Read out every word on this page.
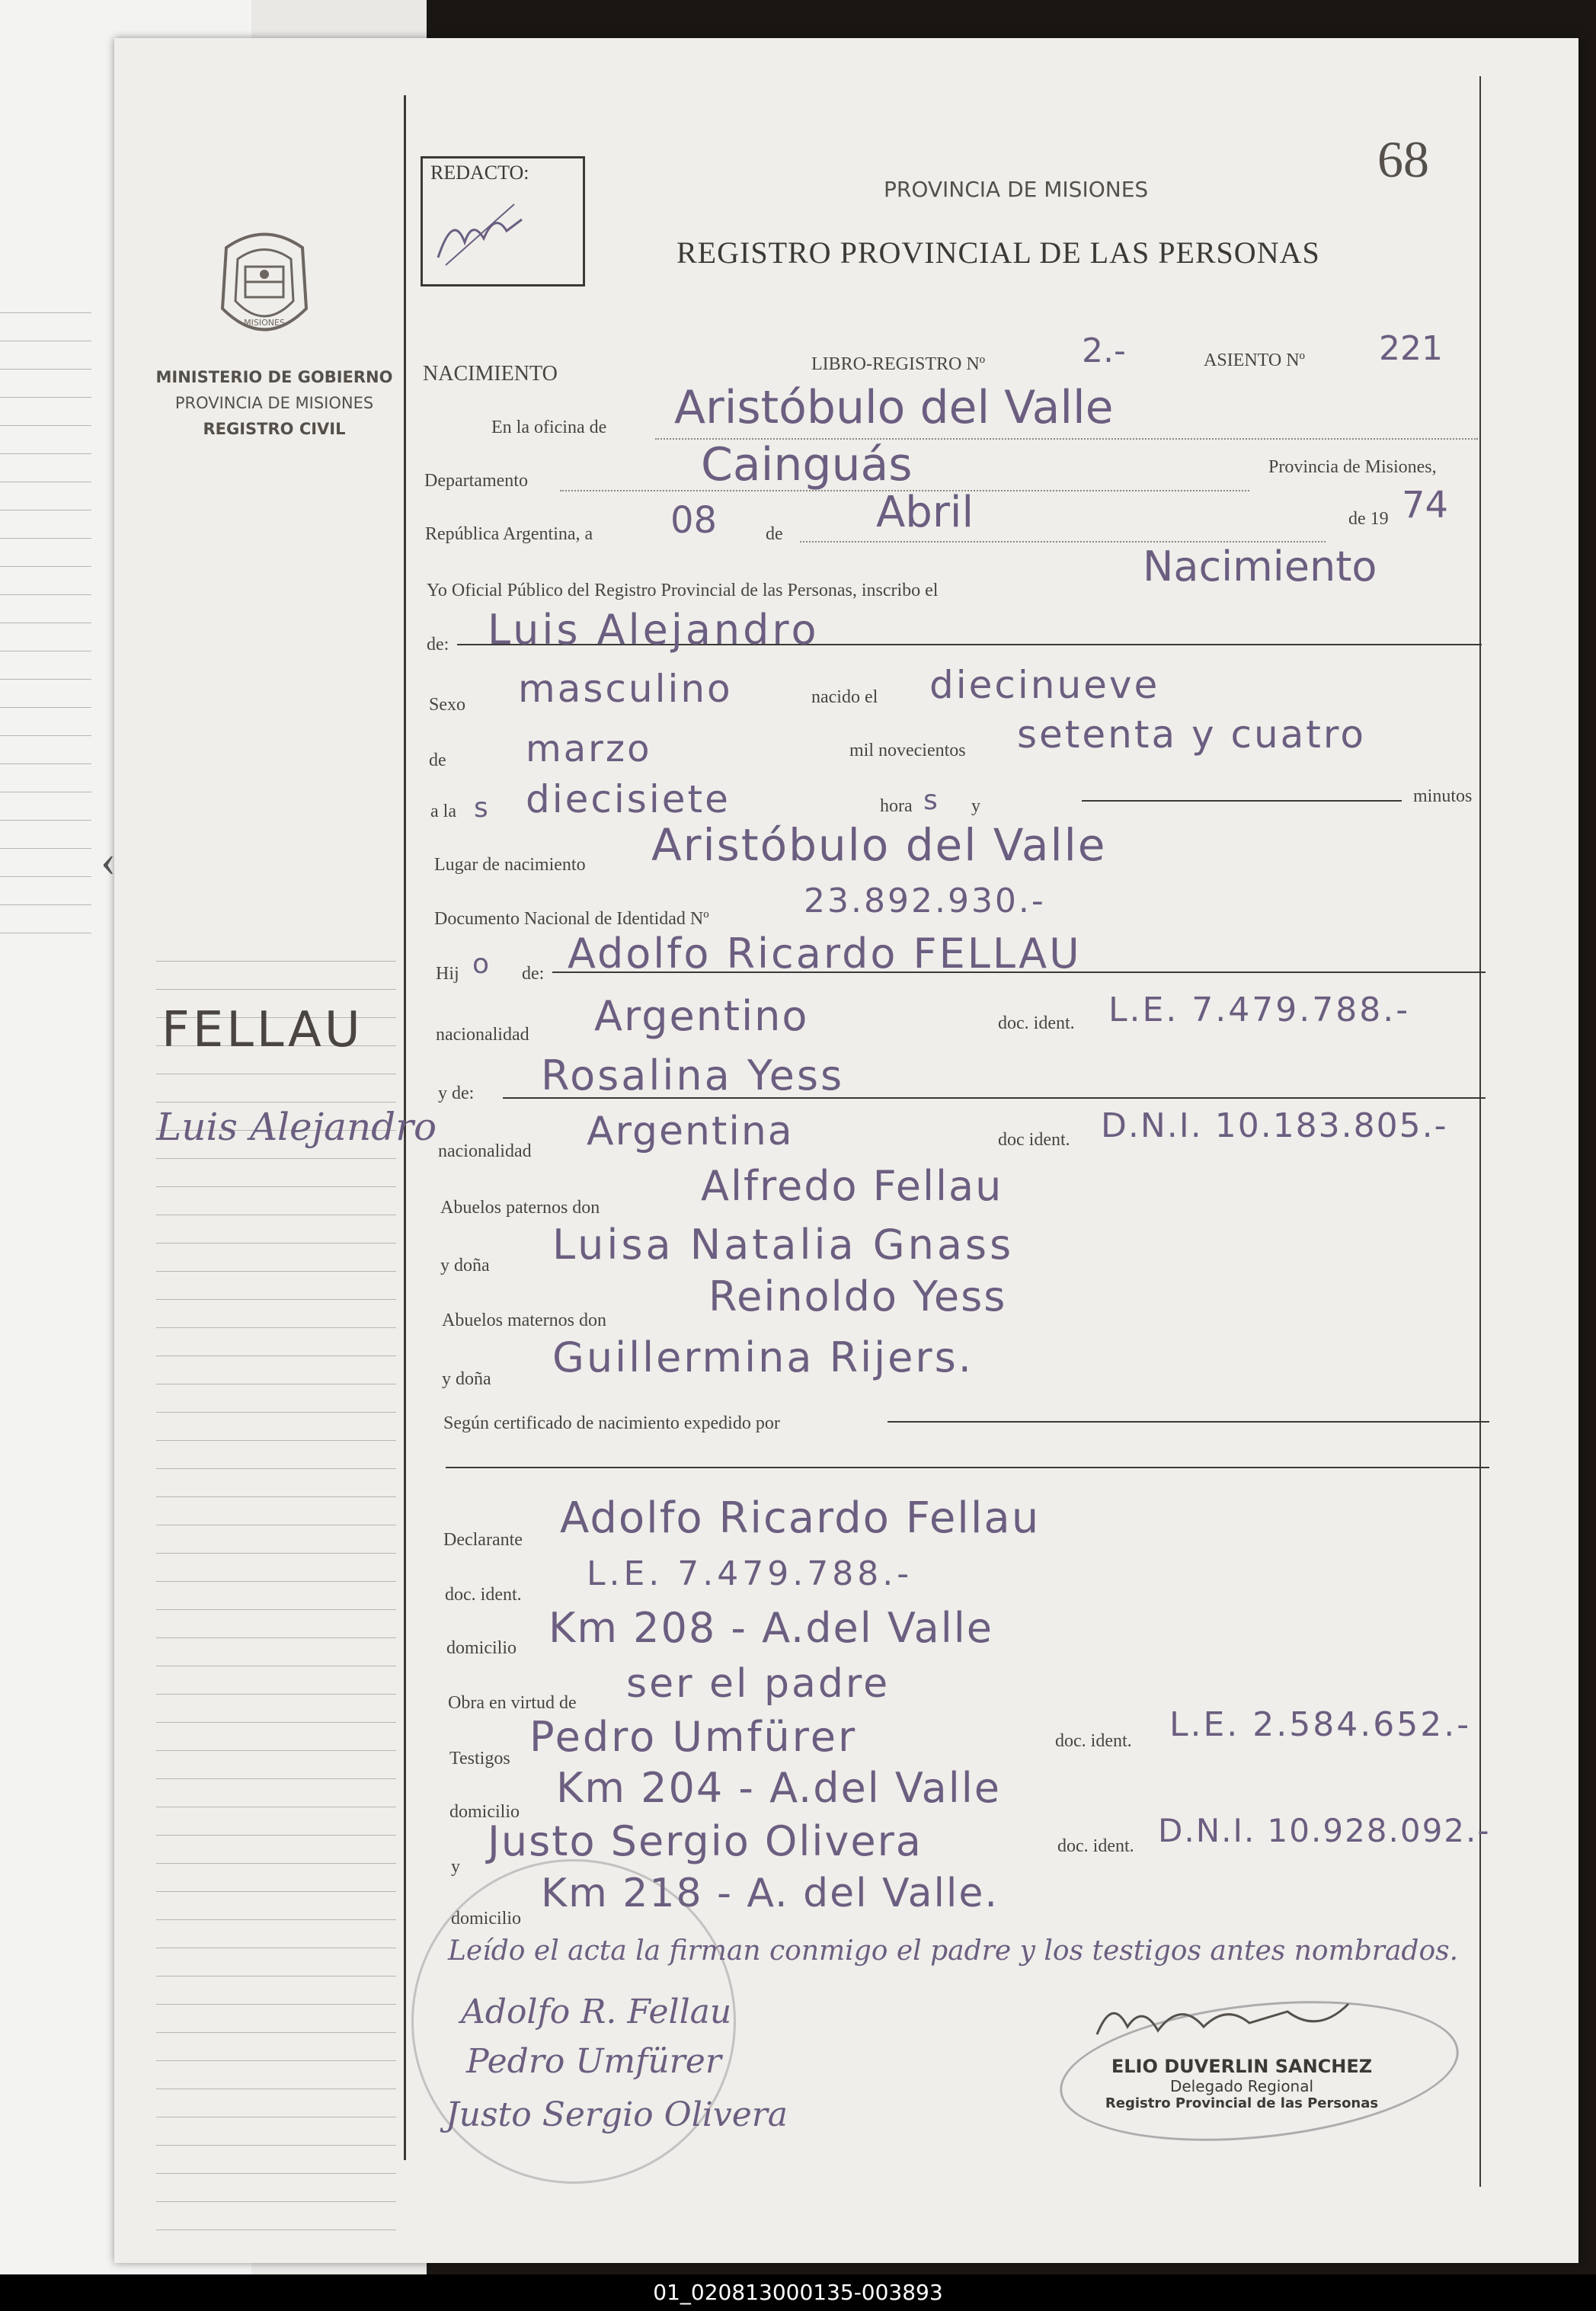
MISIONES
MINISTERIO DE GOBIERNO
PROVINCIA DE MISIONES
REGISTRO CIVIL
‹
FELLAU
Luis Alejandro
REDACTO:	68
PROVINCIA DE MISIONES
REGISTRO PROVINCIAL DE LAS PERSONAS
NACIMIENTO	LIBRO-REGISTRO Nº	2.-	ASIENTO Nº 221
En la oficina de Aristóbulo del Valle
Departamento	Cainguás	Provincia de Misiones,
República Argentina, a 08	de Abril	de 19 74
Yo Oficial Público del Registro Provincial de las Personas, inscribo el	Nacimiento
de: Luis Alejandro
Sexo masculino	nacido el diecinueve
de marzo	mil novecientos setenta y cuatro
a la s diecisiete	hora s y	minutos
Lugar de nacimiento Aristóbulo del Valle
Documento Nacional de Identidad Nº	23.892.930.-
Hij o de: Adolfo Ricardo FELLAU
nacionalidad Argentino	doc. ident. L.E. 7.479.788.-
y de: Rosalina Yess
nacionalidad Argentina	doc ident. D.N.I. 10.183.805.-
Abuelos paternos don Alfredo Fellau
y doña Luisa Natalia Gnass
Abuelos maternos don Reinoldo Yess
y doña Guillermina Rijers.
Según certificado de nacimiento expedido por
Declarante Adolfo Ricardo Fellau
doc. ident.
L.E. 7.479.788.-
domicilio Km 208 - A.del Valle
Obra en virtud de ser el padre
Testigos Pedro Umfürer	doc. ident. L.E. 2.584.652.-
domicilio Km 204 - A.del Valle
y
Justo Sergio Olivera	doc. ident. D.N.I. 10.928.092.-
domicilio
Km 218 - A. del Valle.
Leído el acta la firman conmigo el padre y los testigos antes nombrados.
Adolfo R. Fellau
Pedro Umfürer
Justo Sergio Olivera
ELIO DUVERLIN SANCHEZ
Delegado Regional
Registro Provincial de las Personas
01_020813000135-003893
